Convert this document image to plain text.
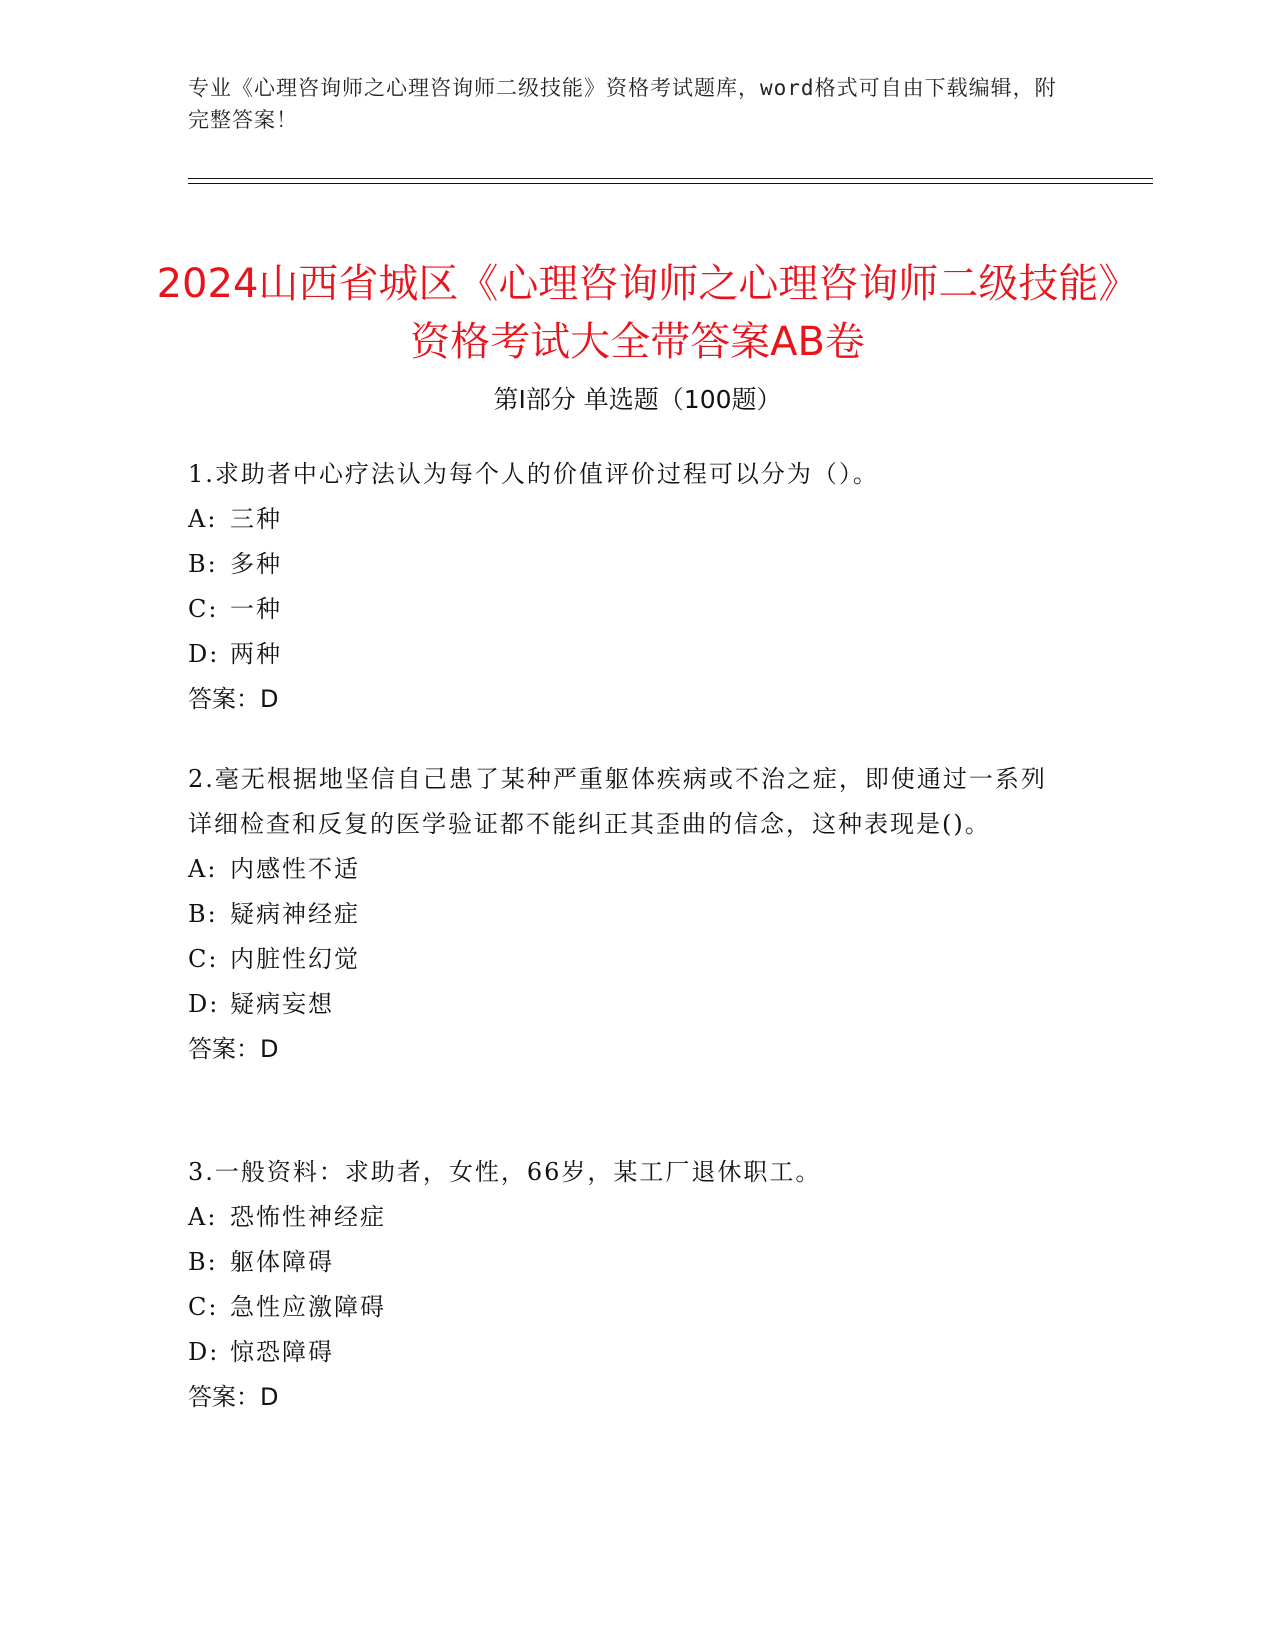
专业《心理咨询师之心理咨询师二级技能》资格考试题库，word格式可自由下载编辑，附完整答案！
2024山西省城区《心理咨询师之心理咨询师二级技能》资格考试大全带答案AB卷
第Ⅰ部分 单选题（100题）

1.求助者中心疗法认为每个人的价值评价过程可以分为（）。

A: 三种

B: 多种

C: 一种

D: 两种

答案：D

2.毫无根据地坚信自己患了某种严重躯体疾病或不治之症，即使通过一系列详细检查和反复的医学验证都不能纠正其歪曲的信念，这种表现是()。

A: 内感性不适

B: 疑病神经症

C: 内脏性幻觉

D: 疑病妄想

答案：D

3.一般资料：求助者，女性，66岁，某工厂退休职工。

A: 恐怖性神经症

B: 躯体障碍

C: 急性应激障碍

D: 惊恐障碍

答案：D
